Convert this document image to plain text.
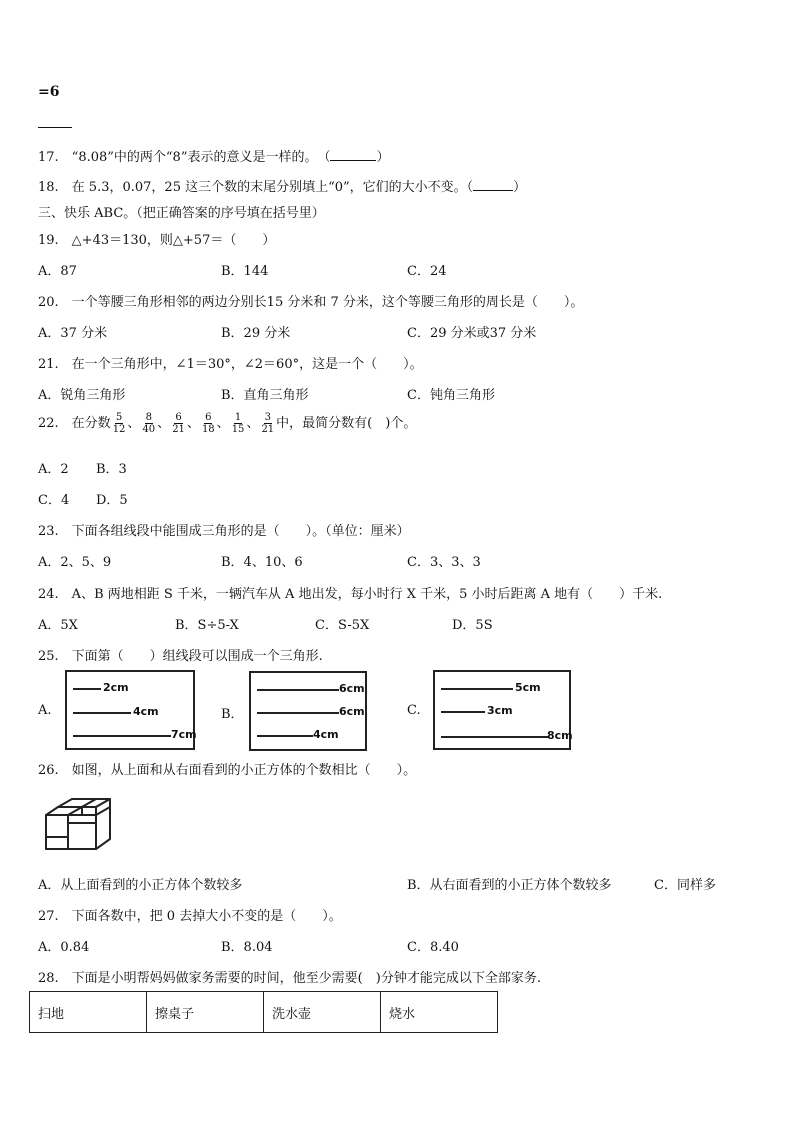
=6
17.　“8.08”中的两个“8”表示的意义是一样的。　（	）
18.　在 5.3，0.07，25 这三个数的末尾分别填上“0”，它们的大小不变。（	）
三、快乐 ABC。（把正确答案的序号填在括号里）
19.　△+43＝130，则△+57＝（　　）
A．87	B．144	C．24
20.　一个等腰三角形相邻的两边分别长15 分米和 7 分米，这个等腰三角形的周长是（　　）。
A．37 分米	B．29 分米	C．29 分米或37 分米
21.　在一个三角形中，∠1＝30°，∠2＝60°，这是一个（　　）。
A．锐角三角形	B．直角三角形	C．钝角三角形
22.　在分数 $\frac{5}{12}$ 、 $\frac{8}{40}$ 、 $\frac{6}{21}$ 、 $\frac{6}{18}$ 、 $\frac{1}{15}$ 、 $\frac{3}{21}$ 中，最简分数有(　)个。
A．2 B．3
C．4 D．5
23.　下面各组线段中能围成三角形的是（　　）。（单位：厘米）
A．2、5、9	B．4、10、6	C．3、3、3
24.　A、B 两地相距 S 千米，一辆汽车从 A 地出发，每小时行 X 千米，5 小时后距离 A 地有（　　）千米.
A．5X	B．S÷5-X	C．S-5X	D．5S
25.　下面第（　　）组线段可以围成一个三角形.
A.
2cm
4cm
7cm
B．
6cm
6cm
4cm
C.
5cm
3cm
8cm
26.　如图，从上面和从右面看到的小正方体的个数相比（　　）。
A．从上面看到的小正方体个数较多	B．从右面看到的小正方体个数较多	C．同样多
27.　下面各数中，把 0 去掉大小不变的是（　　）。
A．0.84	B．8.04	C．8.40
28.　下面是小明帮妈妈做家务需要的时间，他至少需要(　)分钟才能完成以下全部家务.
扫地	擦桌子	洗水壶	烧水
